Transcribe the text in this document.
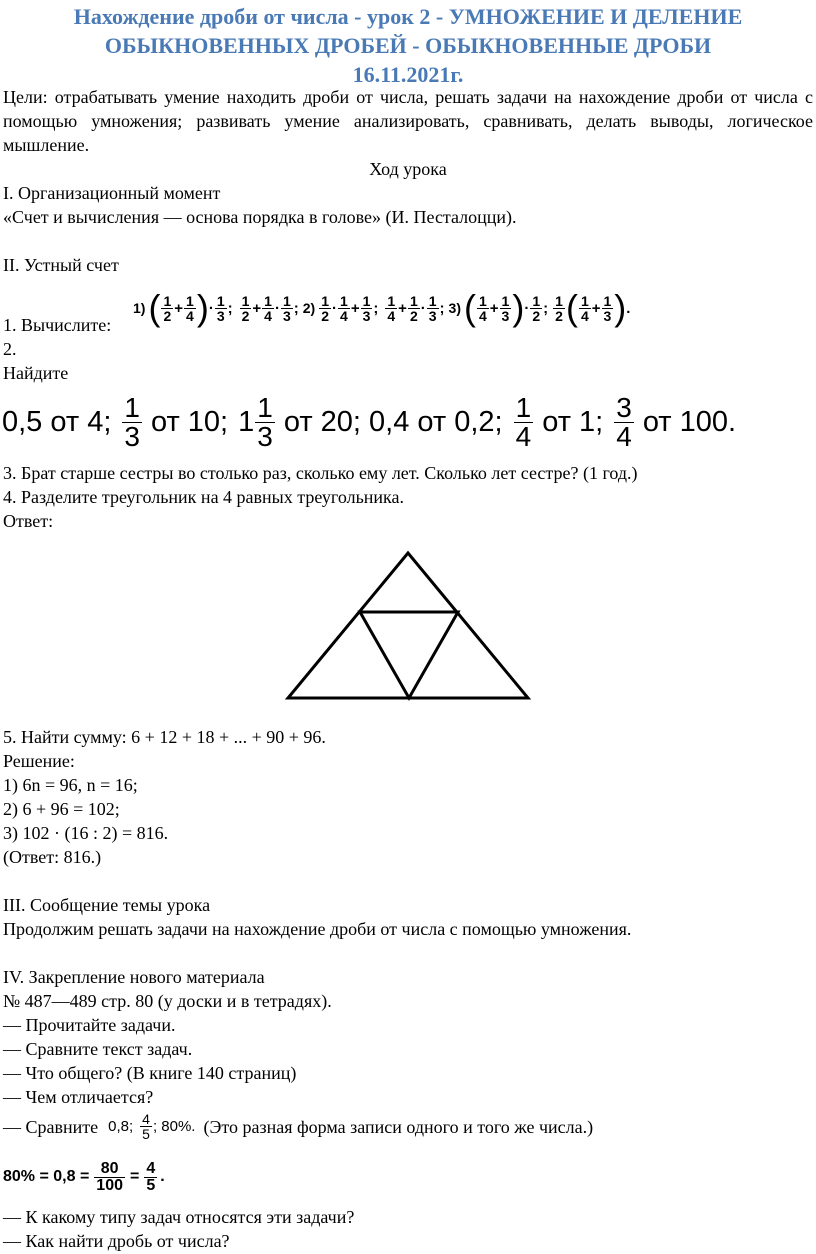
Нахождение дроби от числа - урок 2 - УМНОЖЕНИЕ И ДЕЛЕНИЕ
ОБЫКНОВЕННЫХ ДРОБЕЙ - ОБЫКНОВЕННЫЕ ДРОБИ
16.11.2021г.
Цели: отрабатывать умение находить дроби от числа, решать задачи на нахождение дроби от числа с помощью умножения; развивать умение анализировать, сравнивать, делать выводы, логическое мышление.
Ход урока
I. Организационный момент
«Счет и вычисления — основа порядка в голове» (И. Песталоцци).
II. Устный счет
1) ( $\frac{1}{2} + \frac{1}{4}$ ) · $\frac{1}{3}$ ; $\frac{1}{2} + \frac{1}{4} \cdot \frac{1}{3}$ ; $2) \frac{1}{2} \cdot \frac{1}{4} + \frac{1}{3}$ ; $\frac{1}{4} + \frac{1}{2} \cdot \frac{1}{3}$ ; 3) ( $\frac{1}{4} + \frac{1}{3}$ ) · $\frac{1}{2}$ ; $\frac{1}{2}$ ( $\frac{1}{4} + \frac{1}{3}$ ) .
1. Вычислите:
2.
Найдите
0,5 от 4; $\frac{1}{3}$ от 10; $1 \frac{1}{3}$ от 20; 0,4 от 0,2; $\frac{1}{4}$ от 1; $\frac{3}{4}$ от 100.
3. Брат старше сестры во столько раз, сколько ему лет. Сколько лет сестре? (1 год.)
4. Разделите треугольник на 4 равных треугольника.
Ответ:
5. Найти сумму: 6 + 12 + 18 + ... + 90 + 96.
Решение:
1) 6n = 96, n = 16;
2) 6 + 96 = 102;
3) 102 · (16 : 2) = 816.
(Ответ: 816.)
III. Сообщение темы урока
Продолжим решать задачи на нахождение дроби от числа с помощью умножения.
IV. Закрепление нового материала
№ 487—489 стр. 80 (у доски и в тетрадях).
— Прочитайте задачи.
— Сравните текст задач.
— Что общего? (В книге 140 страниц)
— Чем отличается?
— Сравните 0,8; $\frac{4}{5}$ ; 80%. (Это разная форма записи одного и того же числа.)
$80\% = 0,8 = \frac{80}{100} = \frac{4}{5}$ .
— К какому типу задач относятся эти задачи?
— Как найти дробь от числа?
